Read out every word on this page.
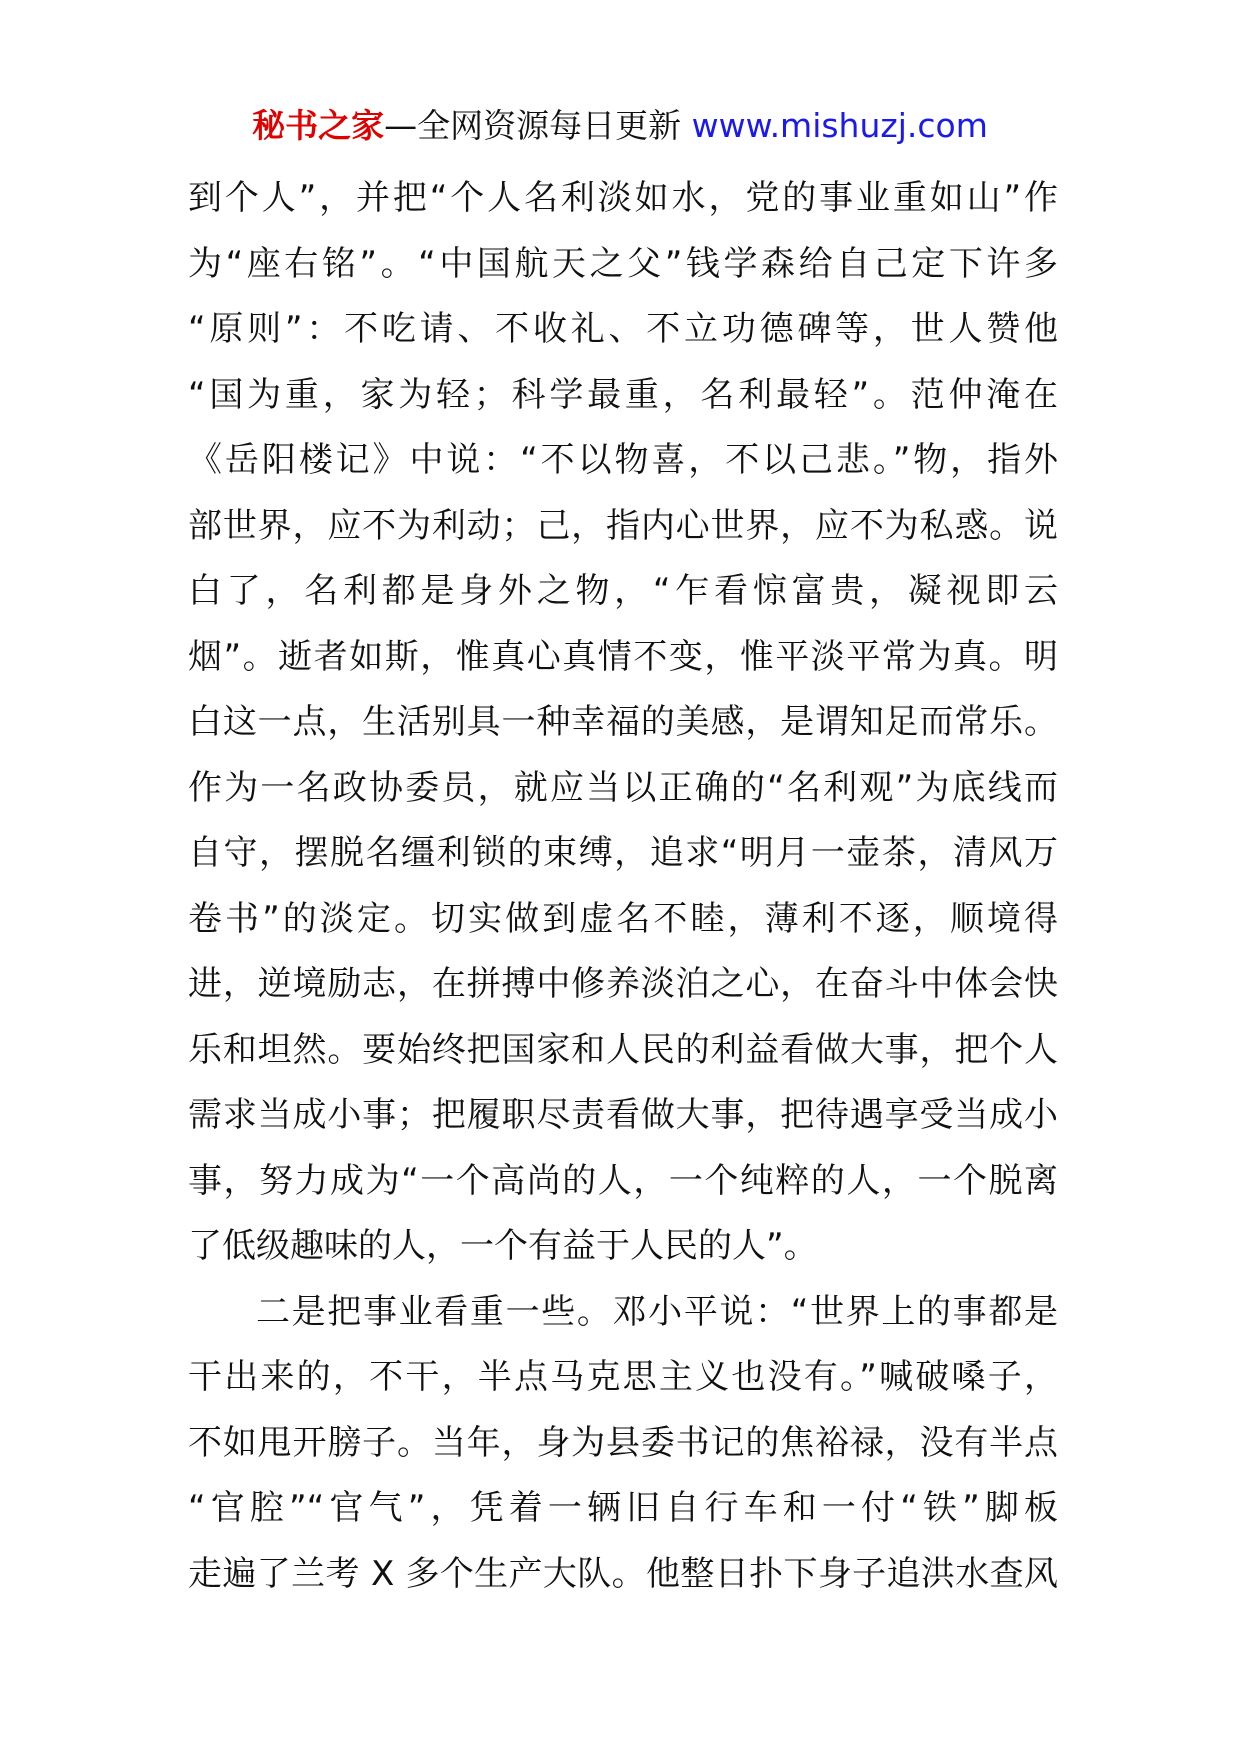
秘书之家—全网资源每日更新 www.mishuzj.com
到个人”，并把“个人名利淡如水，党的事业重如山”作
为“座右铭”。“中国航天之父”钱学森给自己定下许多
“原则”：不吃请、不收礼、不立功德碑等，世人赞他
“国为重，家为轻；科学最重，名利最轻”。范仲淹在
《岳阳楼记》中说：“不以物喜，不以己悲。”物，指外
部世界，应不为利动；己，指内心世界，应不为私惑。说
白了，名利都是身外之物，“乍看惊富贵，凝视即云
烟”。逝者如斯，惟真心真情不变，惟平淡平常为真。明
白这一点，生活别具一种幸福的美感，是谓知足而常乐。
作为一名政协委员，就应当以正确的“名利观”为底线而
自守，摆脱名缰利锁的束缚，追求“明月一壶茶，清风万
卷书”的淡定。切实做到虚名不睦，薄利不逐，顺境得
进，逆境励志，在拼搏中修养淡泊之心，在奋斗中体会快
乐和坦然。要始终把国家和人民的利益看做大事，把个人
需求当成小事；把履职尽责看做大事，把待遇享受当成小
事，努力成为“一个高尚的人，一个纯粹的人，一个脱离
了低级趣味的人，一个有益于人民的人”。
二是把事业看重一些。邓小平说：“世界上的事都是
干出来的，不干，半点马克思主义也没有。”喊破嗓子，
不如甩开膀子。当年，身为县委书记的焦裕禄，没有半点
“官腔”“官气”，凭着一辆旧自行车和一付“铁”脚板
走遍了兰考 X 多个生产大队。他整日扑下身子追洪水查风
